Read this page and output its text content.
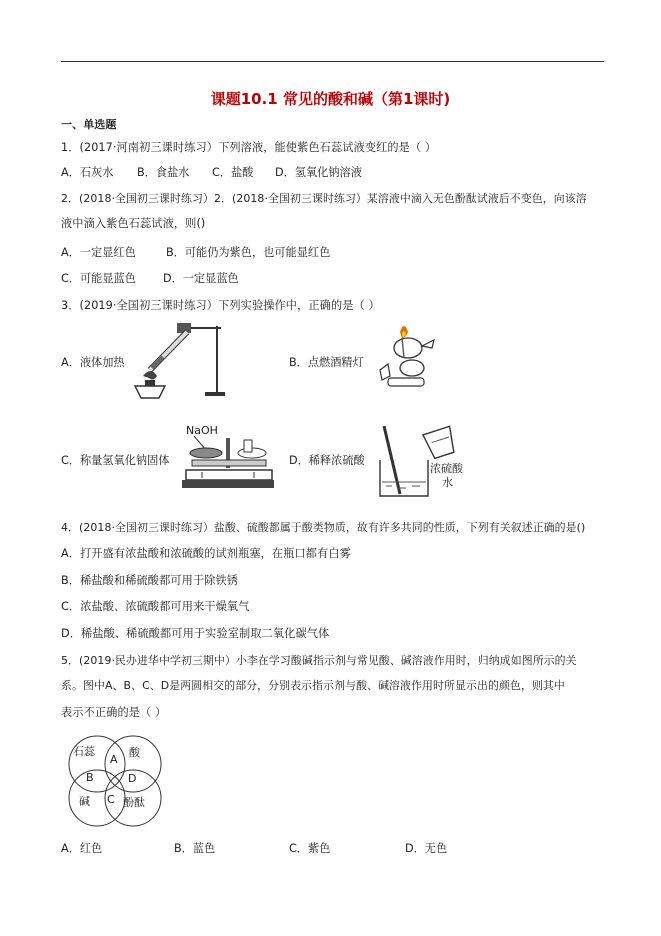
课题10.1 常见的酸和碱（第1课时)
一、单选题
1．(2017·河南初三课时练习）下列溶液，能使紫色石蕊试液变红的是（ ）
A．石灰水 B．食盐水 C．盐酸 D．氢氧化钠溶液
2．(2018·全国初三课时练习）2．(2018·全国初三课时练习）某溶液中滴入无色酚酞试液后不变色，向该溶
液中滴入紫色石蕊试液，则()
A．一定显红色	B．可能仍为紫色，也可能显红色
C．可能显蓝色 D．一定显蓝色
3．(2019·全国初三课时练习）下列实验操作中，正确的是（ ）
A．液体加热	B．点燃酒精灯
C．称量氢氧化钠固体	D．稀释浓硫酸
NaOH
浓硫酸
水
4．(2018·全国初三课时练习）盐酸、硫酸都属于酸类物质，故有许多共同的性质，下列有关叙述正确的是()
A．打开盛有浓盐酸和浓硫酸的试剂瓶塞，在瓶口都有白雾
B．稀盐酸和稀硫酸都可用于除铁锈
C．浓盐酸、浓硫酸都可用来干燥氧气
D．稀盐酸、稀硫酸都可用于实验室制取二氧化碳气体
5．(2019·民办进华中学初三期中）小李在学习酸碱指示剂与常见酸、碱溶液作用时，归纳成如图所示的关
系。图中A、B、C、D是两圆相交的部分，分别表示指示剂与酸、碱溶液作用时所显示出的颜色，则其中
表示不正确的是（ ）
石蕊	酸
A
B	D
C
碱	酚酞
A．红色	B．蓝色	C．紫色	D．无色
